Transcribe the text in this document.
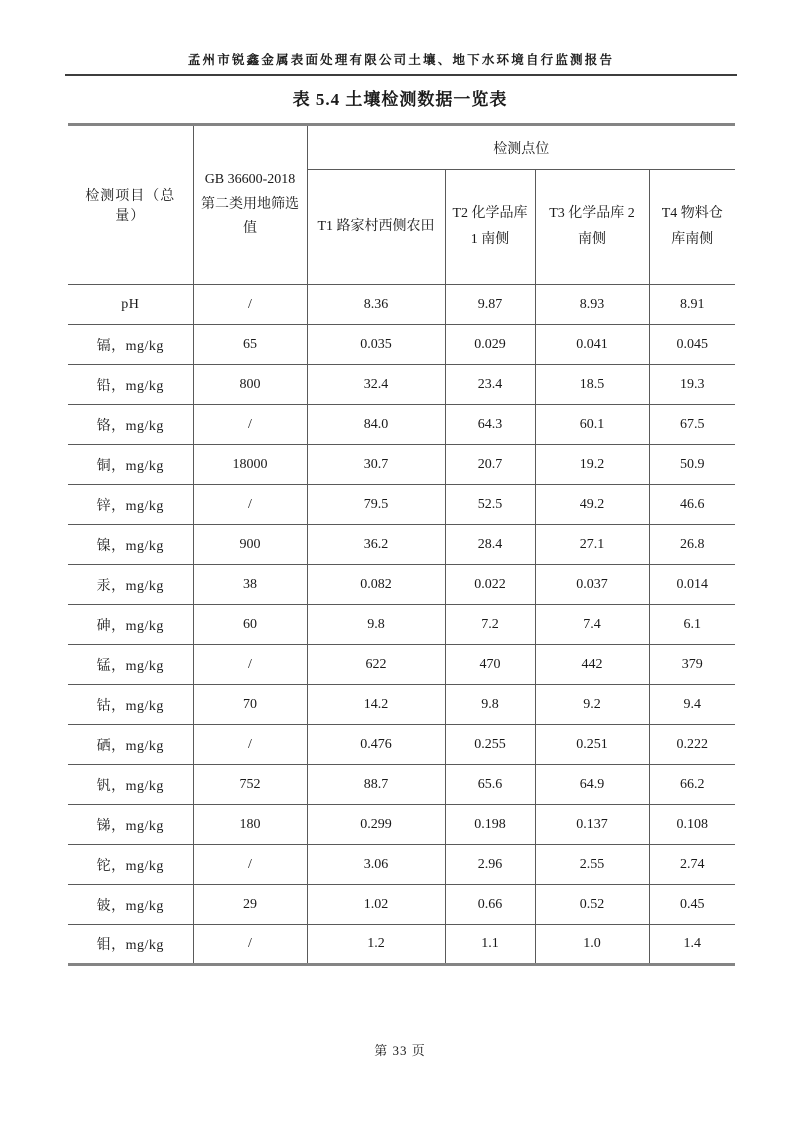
孟州市锐鑫金属表面处理有限公司土壤、地下水环境自行监测报告
表 5.4 土壤检测数据一览表
检测项目（总量）	GB 36600-2018 第二类用地筛选值	检测点位			
		T1 路家村西侧农田	T2 化学品库 1 南侧	T3 化学品库 2 南侧	T4 物料仓库南侧
pH	/	8.36	9.87	8.93	8.91
镉，mg/kg	65	0.035	0.029	0.041	0.045
铅，mg/kg	800	32.4	23.4	18.5	19.3
铬，mg/kg	/	84.0	64.3	60.1	67.5
铜，mg/kg	18000	30.7	20.7	19.2	50.9
锌，mg/kg	/	79.5	52.5	49.2	46.6
镍，mg/kg	900	36.2	28.4	27.1	26.8
汞，mg/kg	38	0.082	0.022	0.037	0.014
砷，mg/kg	60	9.8	7.2	7.4	6.1
锰，mg/kg	/	622	470	442	379
钴，mg/kg	70	14.2	9.8	9.2	9.4
硒，mg/kg	/	0.476	0.255	0.251	0.222
钒，mg/kg	752	88.7	65.6	64.9	66.2
锑，mg/kg	180	0.299	0.198	0.137	0.108
铊，mg/kg	/	3.06	2.96	2.55	2.74
铍，mg/kg	29	1.02	0.66	0.52	0.45
钼，mg/kg	/	1.2	1.1	1.0	1.4
第 33 页
